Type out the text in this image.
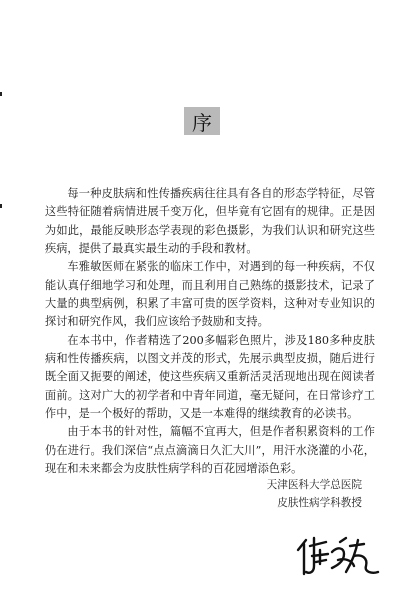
序

每一种皮肤病和性传播疾病往往具有各自的形态学特征，尽管这些特征随着病情进展千变万化，但毕竟有它固有的规律。正是因为如此，最能反映形态学表现的彩色摄影，为我们认识和研究这些疾病，提供了最真实最生动的手段和教材。

车雅敏医师在紧张的临床工作中，对遇到的每一种疾病，不仅能认真仔细地学习和处理，而且利用自己熟练的摄影技术，记录了大量的典型病例，积累了丰富可贵的医学资料，这种对专业知识的探讨和研究作风，我们应该给予鼓励和支持。

在本书中，作者精选了200多幅彩色照片，涉及180多种皮肤病和性传播疾病，以图文并茂的形式，先展示典型皮损，随后进行既全面又扼要的阐述，使这些疾病又重新活灵活现地出现在阅读者面前。这对广大的初学者和中青年同道，毫无疑问，在日常诊疗工作中，是一个极好的帮助，又是一本难得的继续教育的必读书。

由于本书的针对性，篇幅不宜再大，但是作者积累资料的工作仍在进行。我们深信“点点滴滴日久汇大川”，用汗水浇灌的小花，现在和未来都会为皮肤性病学科的百花园增添色彩。

天津医科大学总医院
皮肤性病学科教授
